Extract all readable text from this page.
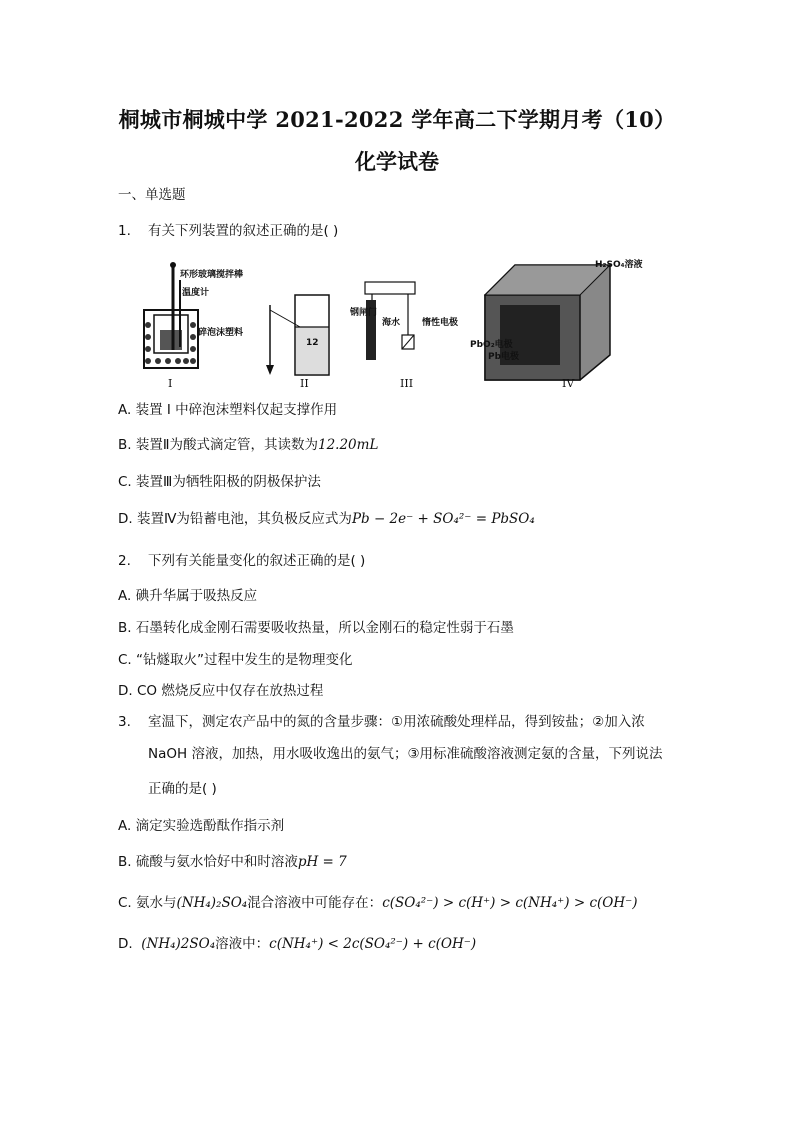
桐城市桐城中学 2021-2022 学年高二下学期月考（10）
化学试卷
一、单选题
1. 有关下列装置的叙述正确的是( )
环形玻璃搅拌棒
温度计
碎泡沫塑料
I
12
II
钢闸门
海水 惰性电极
III
H₂SO₄溶液
PbO₂电极
Pb电极
IV
A. 装置 I 中碎泡沫塑料仅起支撑作用
B. 装置Ⅱ为酸式滴定管，其读数为12.20mL
C. 装置Ⅲ为牺牲阳极的阴极保护法
D. 装置Ⅳ为铅蓄电池，其负极反应式为Pb − 2e⁻ + SO₄²⁻ = PbSO₄
2. 下列有关能量变化的叙述正确的是( )
A. 碘升华属于吸热反应
B. 石墨转化成金刚石需要吸收热量，所以金刚石的稳定性弱于石墨
C. “钻燧取火”过程中发生的是物理变化
D. CO 燃烧反应中仅存在放热过程
3. 室温下，测定农产品中的氮的含量步骤：①用浓硫酸处理样品，得到铵盐；②加入浓
NaOH 溶液，加热，用水吸收逸出的氨气；③用标准硫酸溶液测定氨的含量，下列说法
正确的是( )
A. 滴定实验选酚酞作指示剂
B. 硫酸与氨水恰好中和时溶液pH = 7
C. 氨水与(NH₄)₂SO₄混合溶液中可能存在：c(SO₄²⁻) > c(H⁺) > c(NH₄⁺) > c(OH⁻)
D.  (NH₄)2SO₄溶液中：c(NH₄⁺) < 2c(SO₄²⁻) + c(OH⁻)
